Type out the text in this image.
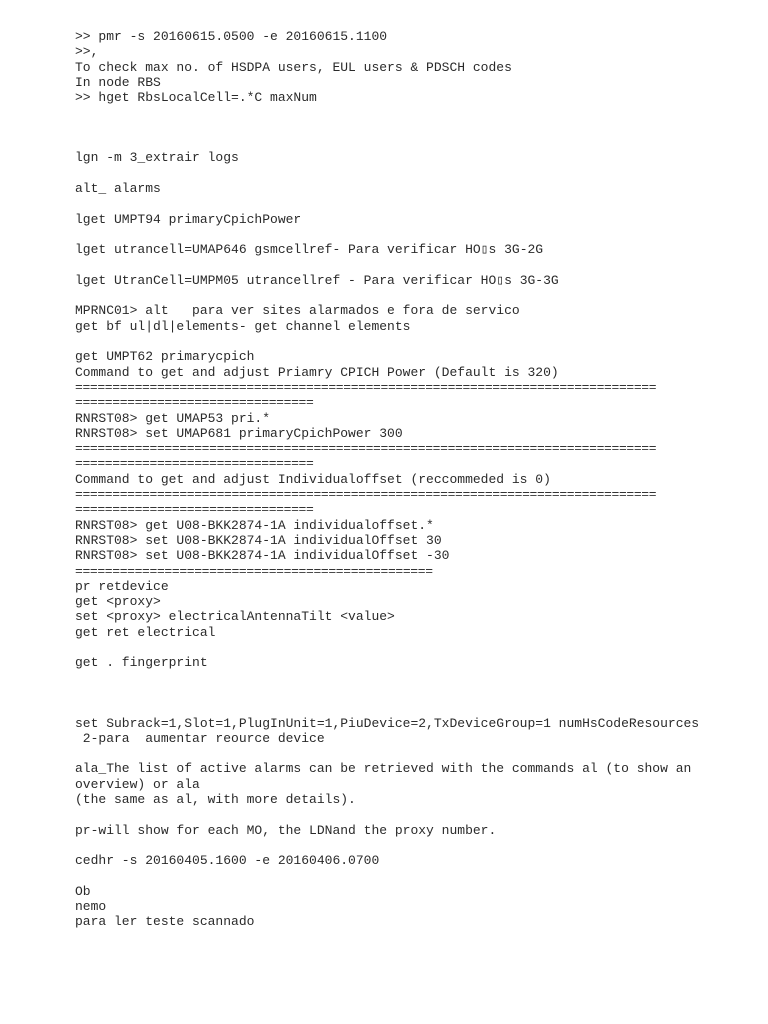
>> pmr -s 20160615.0500 -e 20160615.1100
>>,
To check max no. of HSDPA users, EUL users & PDSCH codes
In node RBS
>> hget RbsLocalCell=.*C maxNum
lgn -m 3_extrair logs
alt_ alarms
lget UMPT94 primaryCpichPower
lget utrancell=UMAP646 gsmcellref- Para verificar HO▯s 3G-2G
lget UtranCell=UMPM05 utrancellref - Para verificar HO▯s 3G-3G
MPRNC01> alt   para ver sites alarmados e fora de servico
get bf ul|dl|elements- get channel elements
get UMPT62 primarycpich
Command to get and adjust Priamry CPICH Power (Default is 320)
==============================================================================
================================
RNRST08> get UMAP53 pri.*
RNRST08> set UMAP681 primaryCpichPower 300
==============================================================================
================================
Command to get and adjust Individualoffset (reccommeded is 0)
==============================================================================
================================
RNRST08> get U08-BKK2874-1A individualoffset.*
RNRST08> set U08-BKK2874-1A individualOffset 30
RNRST08> set U08-BKK2874-1A individualOffset -30
================================================
pr retdevice
get <proxy>
set <proxy> electricalAntennaTilt <value>
get ret electrical
get . fingerprint
set Subrack=1,Slot=1,PlugInUnit=1,PiuDevice=2,TxDeviceGroup=1 numHsCodeResources
2-para  aumentar reource device
ala_The list of active alarms can be retrieved with the commands al (to show an
overview) or ala
(the same as al, with more details).
pr-will show for each MO, the LDNand the proxy number.
cedhr -s 20160405.1600 -e 20160406.0700
Ob
nemo
para ler teste scannado
